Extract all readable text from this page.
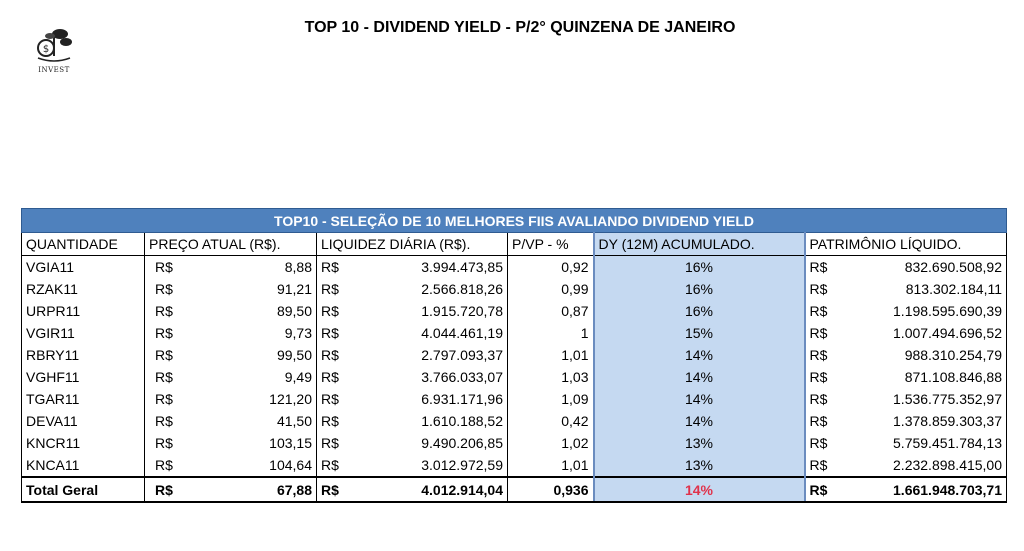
$
INVEST
TOP 10 - DIVIDEND YIELD - P/2° QUINZENA DE JANEIRO
TOP10 - SELEÇÃO DE 10 MELHORES FIIS AVALIANDO DIVIDEND YIELD								
QUANTIDADE	PREÇO ATUAL (R$).		LIQUIDEZ DIÁRIA (R$).		P/VP - %	DY (12M) ACUMULADO.	PATRIMÔNIO LÍQUIDO.	
VGIA11	R$	8,88	R$	3.994.473,85	0,92	16%	R$	832.690.508,92
RZAK11	R$	91,21	R$	2.566.818,26	0,99	16%	R$	813.302.184,11
URPR11	R$	89,50	R$	1.915.720,78	0,87	16%	R$	1.198.595.690,39
VGIR11	R$	9,73	R$	4.044.461,19	1	15%	R$	1.007.494.696,52
RBRY11	R$	99,50	R$	2.797.093,37	1,01	14%	R$	988.310.254,79
VGHF11	R$	9,49	R$	3.766.033,07	1,03	14%	R$	871.108.846,88
TGAR11	R$	121,20	R$	6.931.171,96	1,09	14%	R$	1.536.775.352,97
DEVA11	R$	41,50	R$	1.610.188,52	0,42	14%	R$	1.378.859.303,37
KNCR11	R$	103,15	R$	9.490.206,85	1,02	13%	R$	5.759.451.784,13
KNCA11	R$	104,64	R$	3.012.972,59	1,01	13%	R$	2.232.898.415,00
Total Geral	R$	67,88	R$	4.012.914,04	0,936	14%	R$	1.661.948.703,71
